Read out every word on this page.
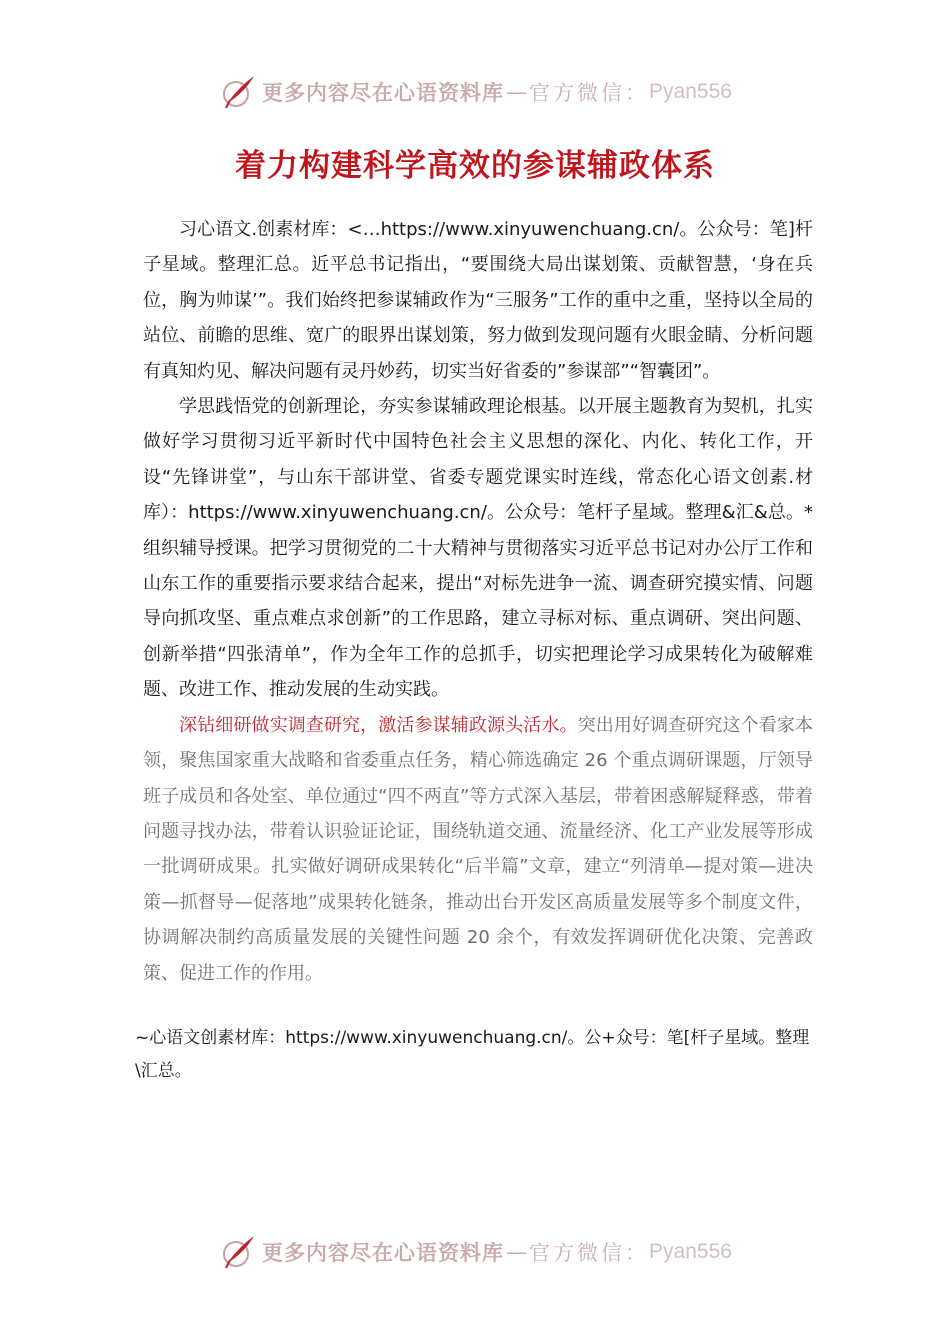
更多内容尽在心语资料库 — 官方微信： Pyan556
着力构建科学高效的参谋辅政体系

习心语文.创素材库：<…https://www.xinyuwenchuang.cn/。公众号：笔]杆子星域。整理汇总。近平总书记指出，“要围绕大局出谋划策、贡献智慧，‘身在兵位，胸为帅谋’”。我们始终把参谋辅政作为“三服务”工作的重中之重，坚持以全局的站位、前瞻的思维、宽广的眼界出谋划策，努力做到发现问题有火眼金睛、分析问题有真知灼见、解决问题有灵丹妙药，切实当好省委的”参谋部”“智囊团”。

学思践悟党的创新理论，夯实参谋辅政理论根基。以开展主题教育为契机，扎实做好学习贯彻习近平新时代中国特色社会主义思想的深化、内化、转化工作，开设“先锋讲堂”，与山东干部讲堂、省委专题党课实时连线，常态化心语文创素.材库）：https://www.xinyuwenchuang.cn/。公众号：笔杆子星域。整理&汇&总。*组织辅导授课。把学习贯彻党的二十大精神与贯彻落实习近平总书记对办公厅工作和山东工作的重要指示要求结合起来，提出“对标先进争一流、调查研究摸实情、问题导向抓攻坚、重点难点求创新”的工作思路，建立寻标对标、重点调研、突出问题、创新举措“四张清单”，作为全年工作的总抓手，切实把理论学习成果转化为破解难题、改进工作、推动发展的生动实践。

深钻细研做实调查研究，激活参谋辅政源头活水。突出用好调查研究这个看家本领，聚焦国家重大战略和省委重点任务，精心筛选确定 26 个重点调研课题，厅领导班子成员和各处室、单位通过“四不两直”等方式深入基层，带着困惑解疑释惑，带着问题寻找办法，带着认识验证论证，围绕轨道交通、流量经济、化工产业发展等形成一批调研成果。扎实做好调研成果转化“后半篇”文章，建立“列清单—提对策—进决策—抓督导—促落地”成果转化链条，推动出台开发区高质量发展等多个制度文件，协调解决制约高质量发展的关键性问题 20 余个，有效发挥调研优化决策、完善政策、促进工作的作用。

~心语文创素材库：https://www.xinyuwenchuang.cn/。公+众号：笔[杆子星域。整理\汇总。
更多内容尽在心语资料库 — 官方微信： Pyan556
